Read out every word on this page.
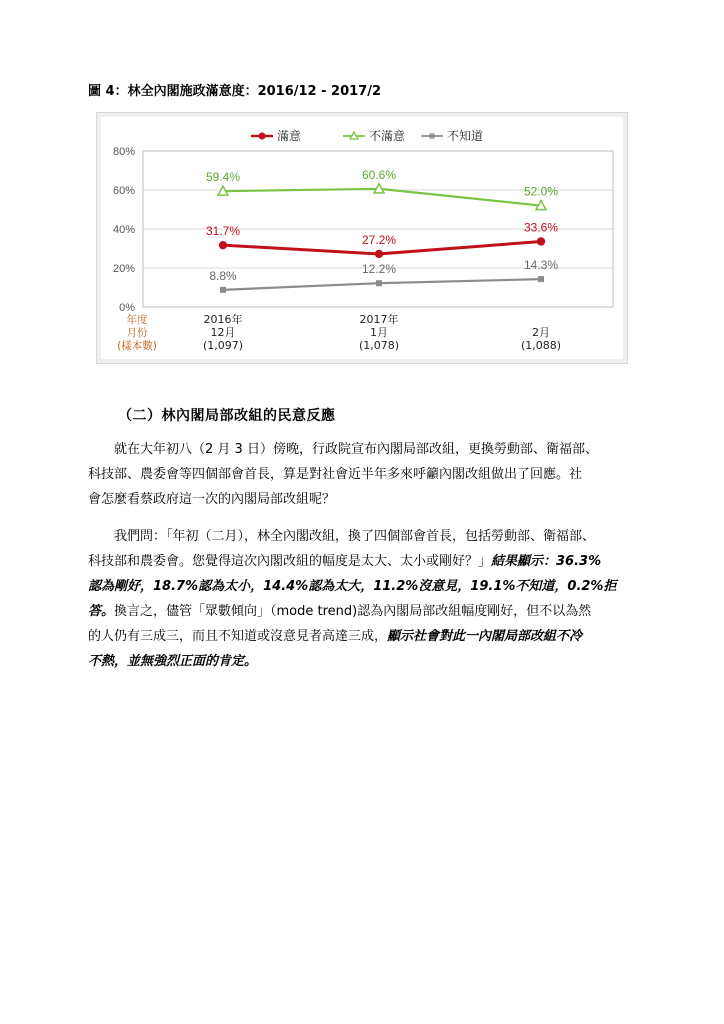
圖 4：林全內閣施政滿意度：2016/12 - 2017/2
0%
20%
40%
60%
80%
2016年
12月
(1,097)
2017年
1月
(1,078)
2月
(1,088)
年度
月份
(樣本數)
31.7%
27.2%
33.6%
59.4%	60.6%
52.0%
8.8%	12.2%	14.3%
滿意	不滿意	不知道
（二）林內閣局部改組的民意反應
就在大年初八（2 月 3 日）傍晚，行政院宣布內閣局部改組，更換勞動部、衛福部、
科技部、農委會等四個部會首長，算是對社會近半年多來呼籲內閣改組做出了回應。社
會怎麼看蔡政府這一次的內閣局部改組呢？
我們問：「年初（二月），林全內閣改組，換了四個部會首長，包括勞動部、衛福部、
科技部和農委會。您覺得這次內閣改組的幅度是太大、太小或剛好？」結果顯示：36.3%
認為剛好，18.7%認為太小，14.4%認為太大，11.2%沒意見，19.1%不知道，0.2%拒
答。換言之，儘管「眾數傾向」（mode trend)認為內閣局部改組幅度剛好，但不以為然
的人仍有三成三，而且不知道或沒意見者高達三成，顯示社會對此一內閣局部改組不冷
不熱，並無強烈正面的肯定。
